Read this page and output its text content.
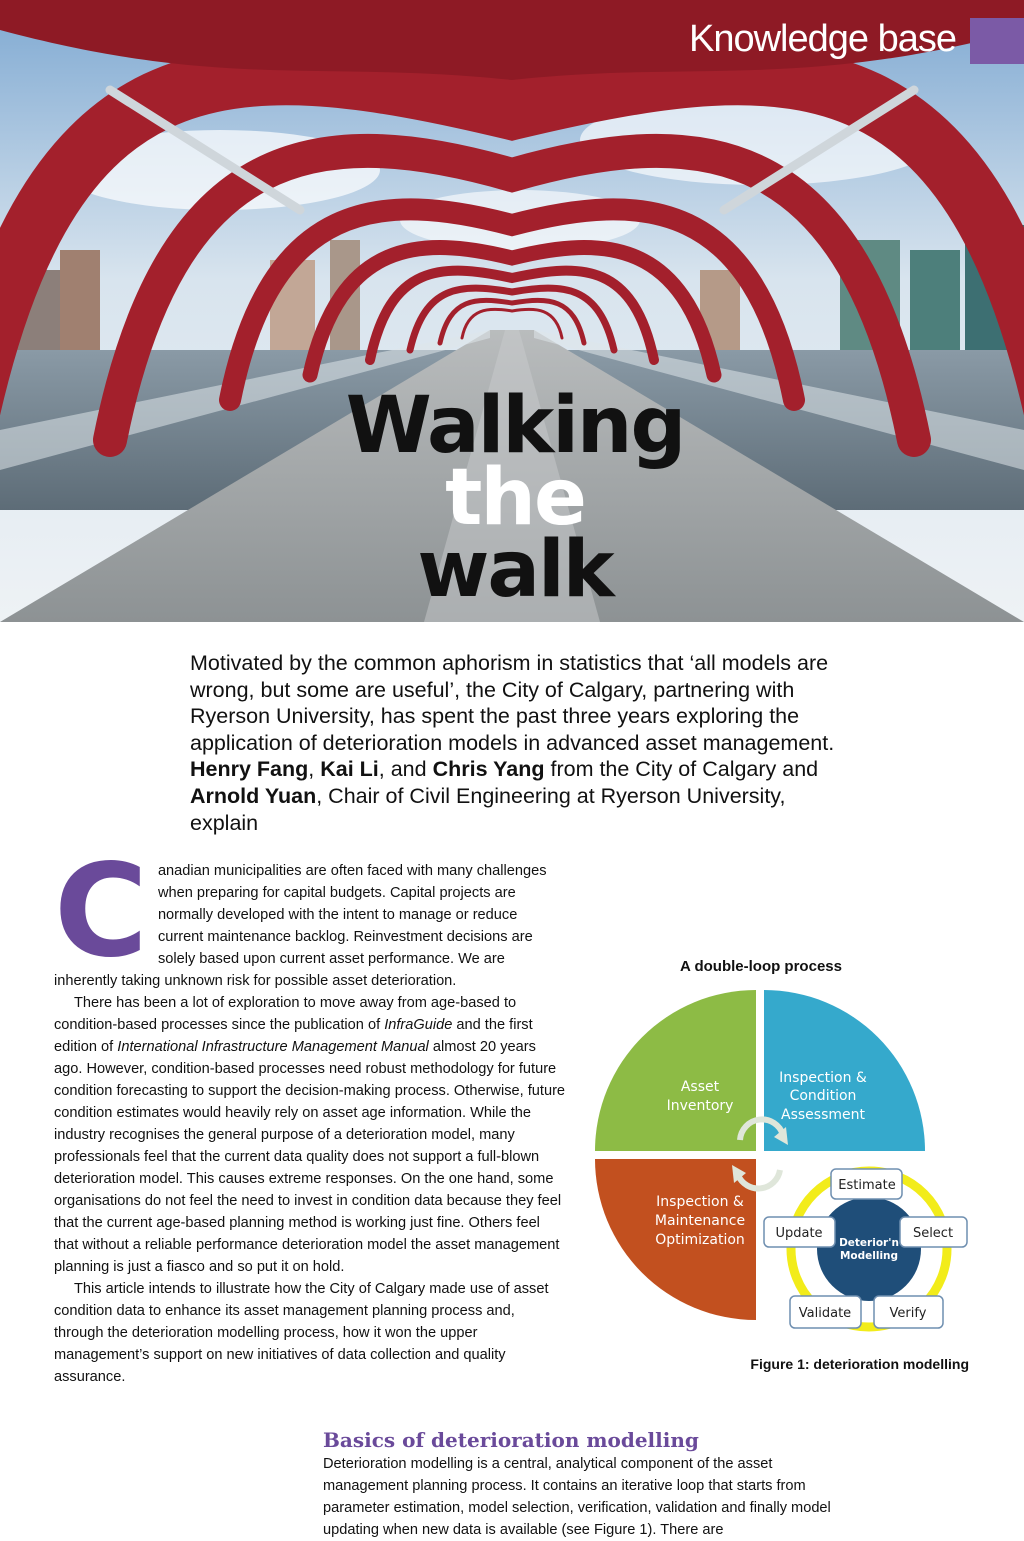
Knowledge base
Walking
the
walk
Motivated by the common aphorism in statistics that ‘all models are wrong, but some are useful’, the City of Calgary, partnering with Ryerson University, has spent the past three years exploring the application of deterioration models in advanced asset management. Henry Fang, Kai Li, and Chris Yang from the City of Calgary and Arnold Yuan, Chair of Civil Engineering at Ryerson University, explain

Canadian municipalities are often faced with many challenges when preparing for capital budgets. Capital projects are normally developed with the intent to manage or reduce current maintenance backlog. Reinvestment decisions are solely based upon current asset performance. We are inherently taking unknown risk for possible asset deterioration.

There has been a lot of exploration to move away from age-based to condition-based processes since the publication of InfraGuide and the first edition of International Infrastructure Management Manual almost 20 years ago. However, condition-based processes need robust methodology for future condition forecasting to support the decision-making process. Otherwise, future condition estimates would heavily rely on asset age information. While the industry recognises the general purpose of a deterioration model, many professionals feel that the current data quality does not support a full-blown deterioration model. This causes extreme responses. On the one hand, some organisations do not feel the need to invest in condition data because they feel that the current age-based planning method is working just fine. Others feel that without a reliable performance deterioration model the asset management planning is just a fiasco and so put it on hold.

This article intends to illustrate how the City of Calgary made use of asset condition data to enhance its asset management planning process and, through the deterioration modelling process, how it won the upper management’s support on new initiatives of data collection and quality assurance.

A double-loop process
Asset
Inventory
Inspection &
Condition
Assessment
Inspection &
Maintenance
Optimization	Deterior'n
Modelling
Estimate
Select
Verify
Validate
Update
Figure 1: deterioration modelling
Basics of deterioration modelling

Deterioration modelling is a central, analytical component of the asset management planning process. It contains an iterative loop that starts from parameter estimation, model selection, verification, validation and finally model updating when new data is available (see Figure 1). There are
